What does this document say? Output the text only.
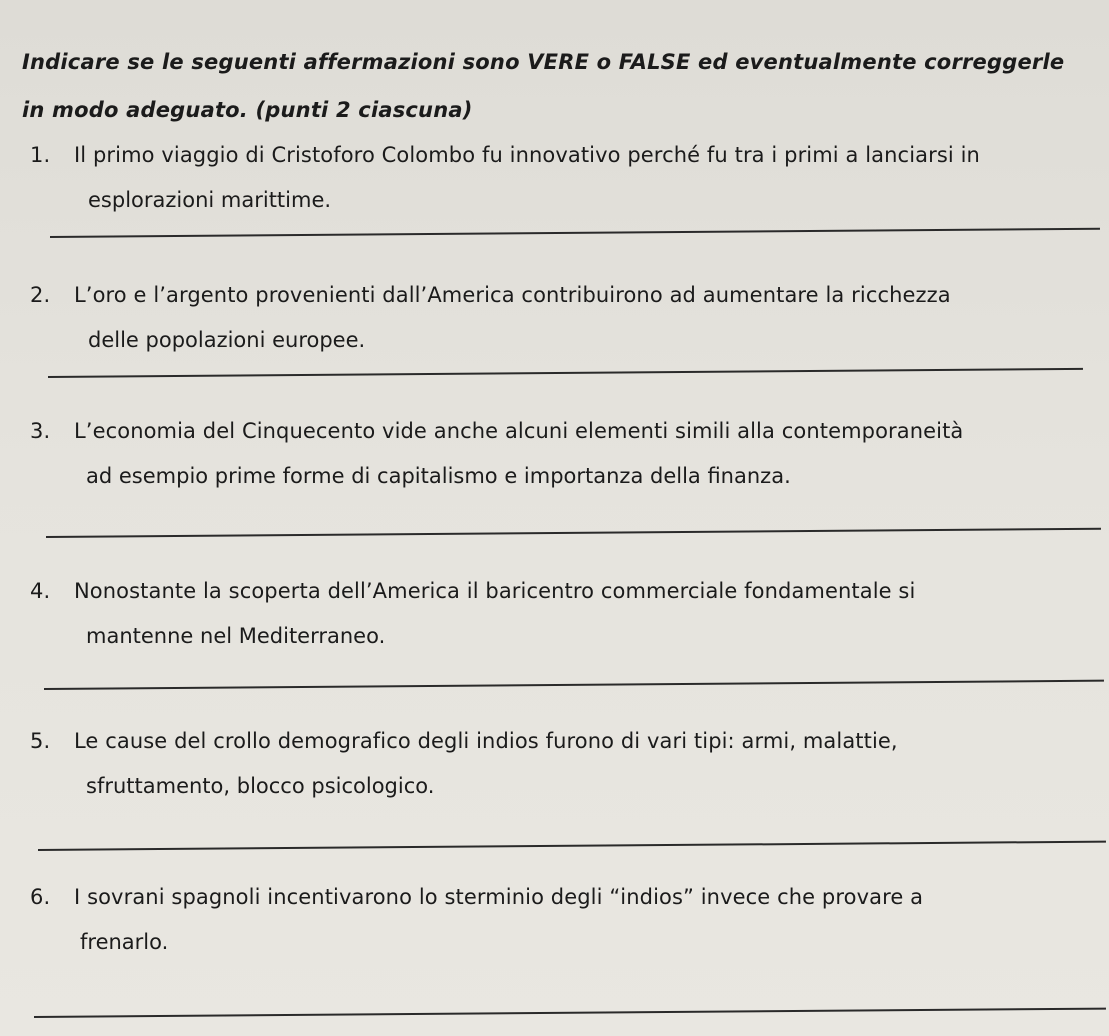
Indicare se le seguenti affermazioni sono VERE o FALSE ed eventualmente correggerle in modo adeguato. (punti 2 ciascuna)
1. Il primo viaggio di Cristoforo Colombo fu innovativo perché fu tra i primi a lanciarsi in
esplorazioni marittime.
2. L’oro e l’argento provenienti dall’America contribuirono ad aumentare la ricchezza
delle popolazioni europee.
3. L’economia del Cinquecento vide anche alcuni elementi simili alla contemporaneità
ad esempio prime forme di capitalismo e importanza della finanza.
4. Nonostante la scoperta dell’America il baricentro commerciale fondamentale si
mantenne nel Mediterraneo.
5. Le cause del crollo demografico degli indios furono di vari tipi: armi, malattie,
sfruttamento, blocco psicologico.
6. I sovrani spagnoli incentivarono lo sterminio degli “indios” invece che provare a
frenarlo.
